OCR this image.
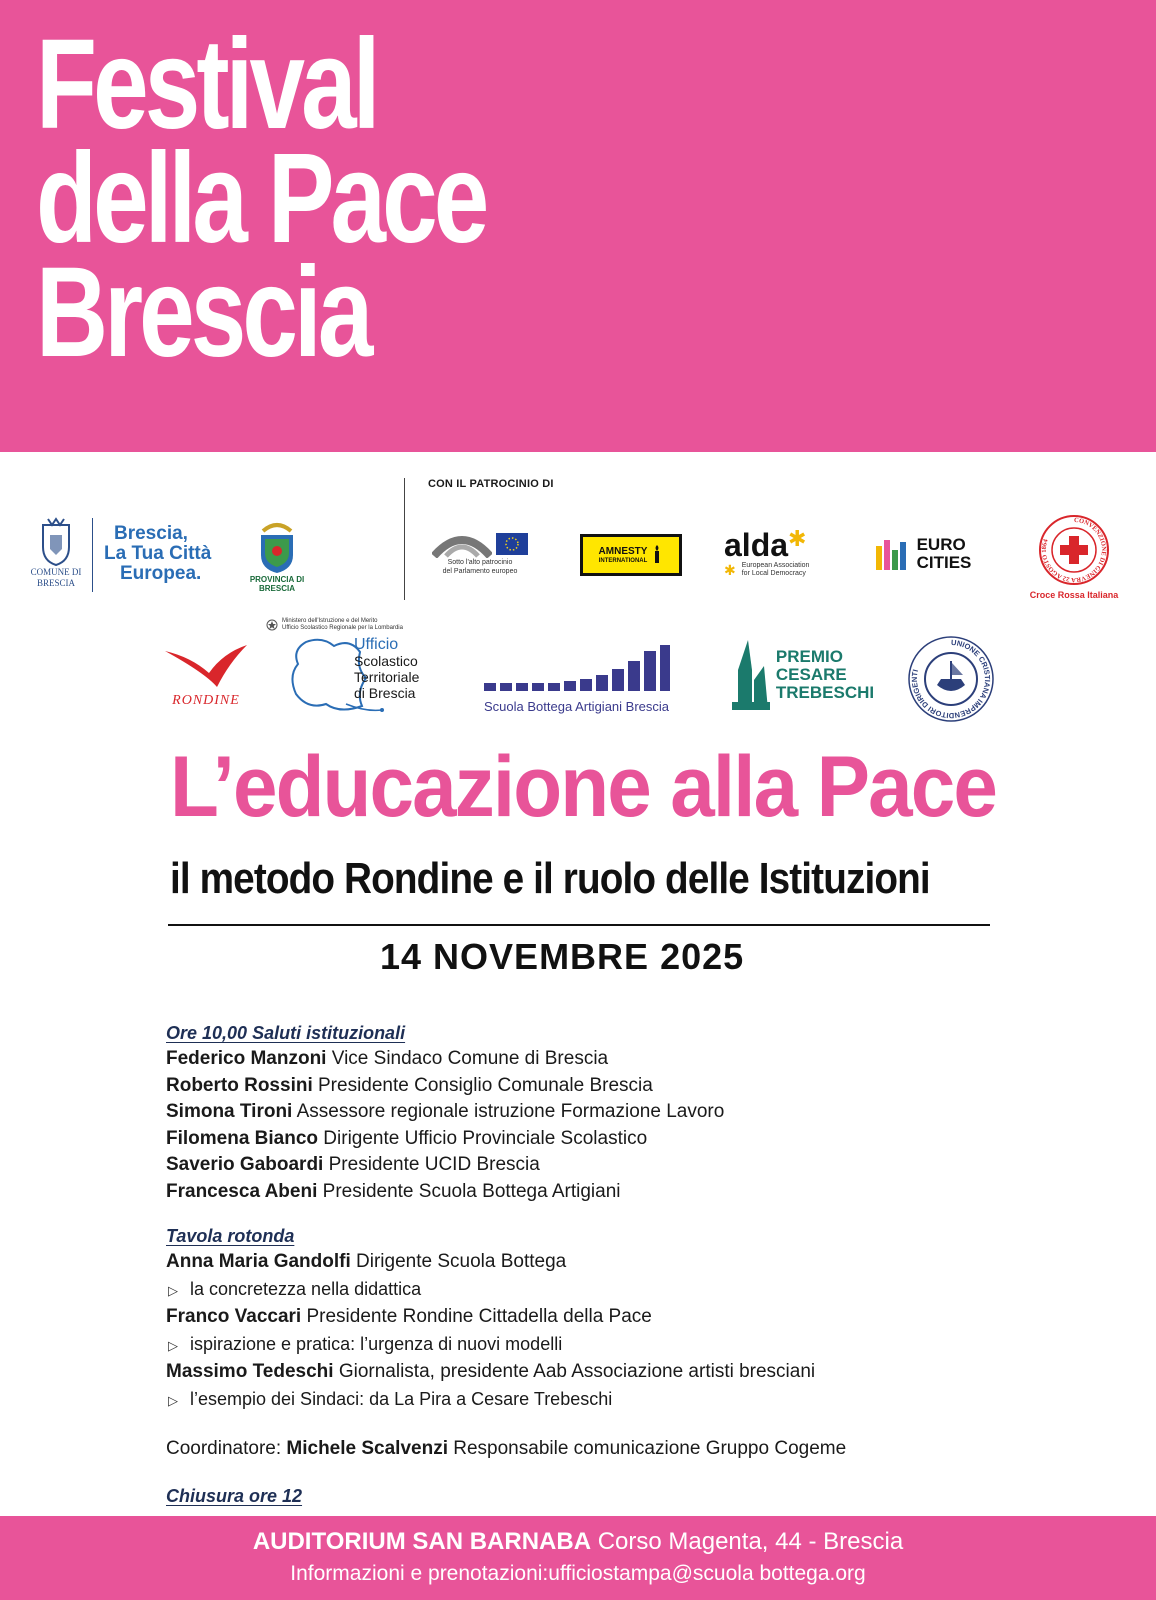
Festival
della Pace
Brescia
COMUNE DI BRESCIA
Brescia,
La Tua Città
Europea.	PROVINCIA DI BRESCIA
CON IL PATROCINIO DI
Sotto l'alto patrocinio
del Parlamento europeo
AMNESTY
INTERNATIONAL alda ✱
✱ European Association
for Local Democracy
EURO
CITIES
CONVENZIONE DI GINEVRA 22 AGOSTO 1864
Croce Rossa Italiana
RONDINE
Ministero dell'Istruzione e del Merito
Ufficio Scolastico Regionale per la Lombardia
Ufficio
Scolastico
Territoriale
di Brescia
Scuola Bottega Artigiani Brescia
PREMIO
CESARE
TREBESCHI
UNIONE CRISTIANA IMPRENDITORI DIRIGENTI
L’educazione alla Pace
il metodo Rondine e il ruolo delle Istituzioni
14 NOVEMBRE 2025
Ore 10,00 Saluti istituzionali
Federico Manzoni Vice Sindaco Comune di Brescia
Roberto Rossini Presidente Consiglio Comunale Brescia
Simona Tironi Assessore regionale istruzione Formazione Lavoro
Filomena Bianco Dirigente Ufficio Provinciale Scolastico
Saverio Gaboardi Presidente UCID Brescia
Francesca Abeni Presidente Scuola Bottega Artigiani
Tavola rotonda
Anna Maria Gandolfi Dirigente Scuola Bottega
▷ la concretezza nella didattica
Franco Vaccari Presidente Rondine Cittadella della Pace
▷ ispirazione e pratica: l’urgenza di nuovi modelli
Massimo Tedeschi Giornalista, presidente Aab Associazione artisti bresciani
▷ l’esempio dei Sindaci: da La Pira a Cesare Trebeschi
Coordinatore: Michele Scalvenzi Responsabile comunicazione Gruppo Cogeme
Chiusura ore 12
AUDITORIUM SAN BARNABA Corso Magenta, 44 - Brescia
Informazioni e prenotazioni:ufficiostampa@scuola bottega.org
